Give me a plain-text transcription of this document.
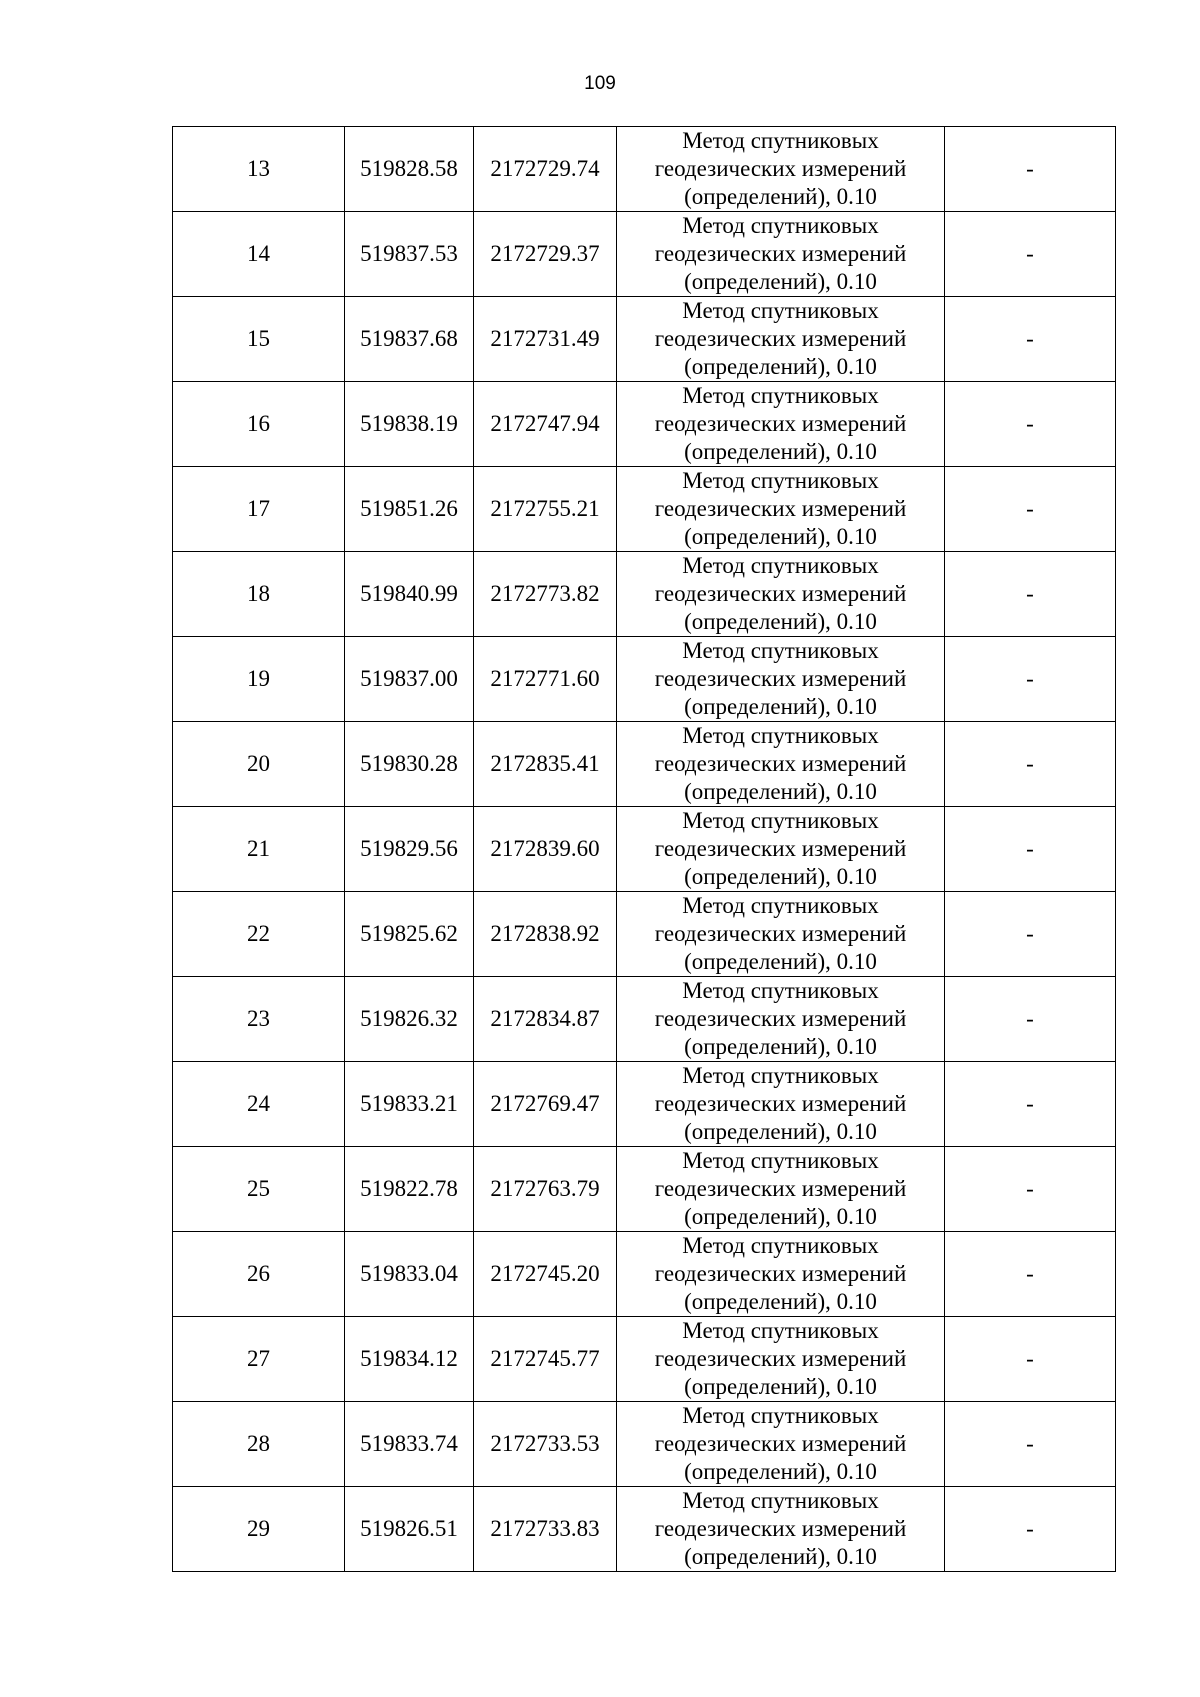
109
13	519828.58	2172729.74	Метод спутниковых
геодезических измерений
(определений), 0.10	-
14	519837.53	2172729.37	Метод спутниковых
геодезических измерений
(определений), 0.10	-
15	519837.68	2172731.49	Метод спутниковых
геодезических измерений
(определений), 0.10	-
16	519838.19	2172747.94	Метод спутниковых
геодезических измерений
(определений), 0.10	-
17	519851.26	2172755.21	Метод спутниковых
геодезических измерений
(определений), 0.10	-
18	519840.99	2172773.82	Метод спутниковых
геодезических измерений
(определений), 0.10	-
19	519837.00	2172771.60	Метод спутниковых
геодезических измерений
(определений), 0.10	-
20	519830.28	2172835.41	Метод спутниковых
геодезических измерений
(определений), 0.10	-
21	519829.56	2172839.60	Метод спутниковых
геодезических измерений
(определений), 0.10	-
22	519825.62	2172838.92	Метод спутниковых
геодезических измерений
(определений), 0.10	-
23	519826.32	2172834.87	Метод спутниковых
геодезических измерений
(определений), 0.10	-
24	519833.21	2172769.47	Метод спутниковых
геодезических измерений
(определений), 0.10	-
25	519822.78	2172763.79	Метод спутниковых
геодезических измерений
(определений), 0.10	-
26	519833.04	2172745.20	Метод спутниковых
геодезических измерений
(определений), 0.10	-
27	519834.12	2172745.77	Метод спутниковых
геодезических измерений
(определений), 0.10	-
28	519833.74	2172733.53	Метод спутниковых
геодезических измерений
(определений), 0.10	-
29	519826.51	2172733.83	Метод спутниковых
геодезических измерений
(определений), 0.10	-
